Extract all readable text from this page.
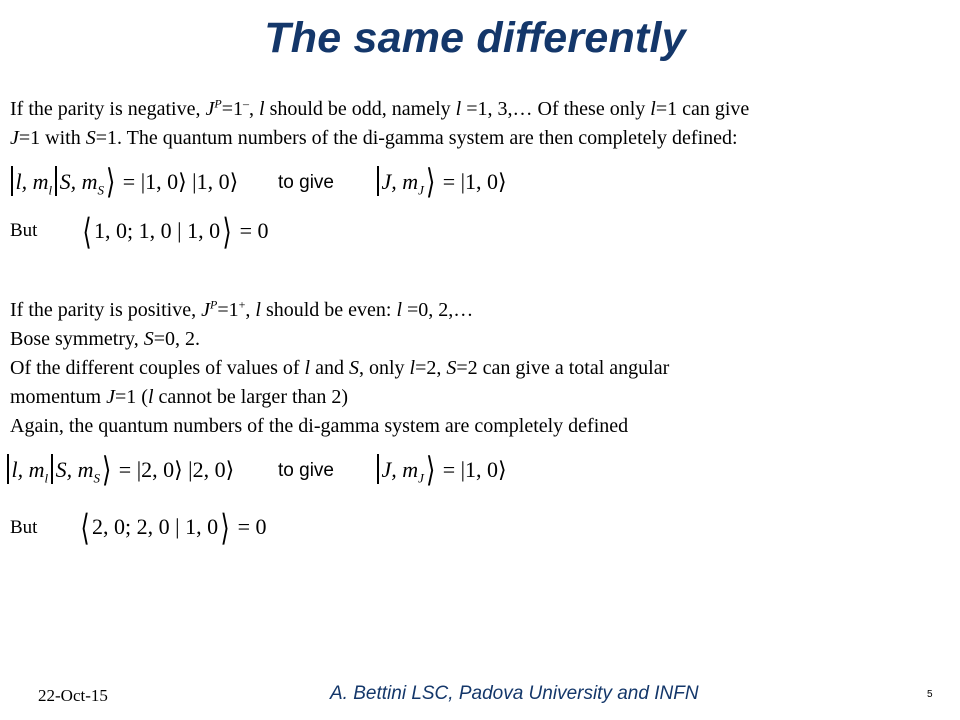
The same differently

If the parity is negative, $J^P=1^-$, l should be odd, namely l =1, 3,… Of these only l=1 can give
J=1 with S=1. The quantum numbers of the di-gamma system are then completely defined:

l, $m_l$ S, $m_S⟩ = |1$, 0⟩ |1, 0⟩ to give	J, $m_J⟩ = |1$, 0⟩
But ⟨ 1, 0; 1, 0 | 1, 0⟩ = 0

If the parity is positive, $J^P=1^+$, l should be even: l =0, 2,…
Bose symmetry, S=0, 2.
Of the different couples of values of l and S, only l=2, S=2 can give a total angular
momentum J=1 (l cannot be larger than 2)
Again, the quantum numbers of the di-gamma system are completely defined

l, $m_l$ S, $m_S⟩ = |2$, 0⟩ |2, 0⟩ to give	J, $m_J⟩ = |1$, 0⟩
But ⟨ 2, 0; 2, 0 | 1, 0⟩ = 0
22-Oct-15	A. Bettini LSC, Padova University and INFN	5
